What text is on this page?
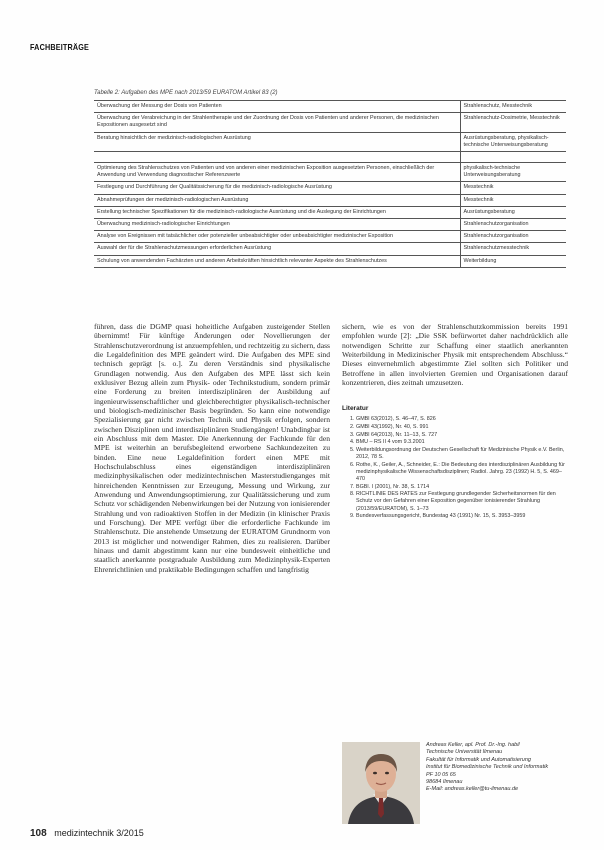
FACHBEITRÄGE
Tabelle 2: Aufgaben des MPE nach 2013/59 EURATOM Artikel 83 (2)
Überwachung der Messung der Dosis von Patienten	Strahlenschutz, Messtechnik
Überwachung der Verabreichung in der Strahlentherapie und der Zuordnung der Dosis von Patienten und anderer Personen, die medizinischen Expositionen ausgesetzt sind	Strahlenschutz-Dosimetrie, Messtechnik
Beratung hinsichtlich der medizinisch-radiologischen Ausrüstung	Ausrüstungsberatung, physikalisch-technische Unterweisungsberatung

Optimierung des Strahlenschutzes von Patienten und von anderen einer medizinischen Exposition ausgesetzten Personen, einschließlich der Anwendung und Verwendung diagnostischer Referenzwerte	physikalisch-technische Unterweisungsberatung
Festlegung und Durchführung der Qualitätssicherung für die medizinisch-radiologische Ausrüstung	Messtechnik
Abnahmeprüfungen der medizinisch-radiologischen Ausrüstung	Messtechnik
Erstellung technischer Spezifikationen für die medizinisch-radiologische Ausrüstung und die Auslegung der Einrichtungen	Ausrüstungsberatung
Überwachung medizinisch-radiologischer Einrichtungen	Strahlenschutzorganisation
Analyse von Ereignissen mit tatsächlicher oder potenzieller unbeabsichtigter oder unbeabsichtigter medizinischer Exposition	Strahlenschutzorganisation
Auswahl der für die Strahlenschutzmessungen erforderlichen Ausrüstung	Strahlenschutzmesstechnik
Schulung von anwendenden Fachärzten und anderen Arbeitskräften hinsichtlich relevanter Aspekte des Strahlenschutzes	Weiterbildung

führen, dass die DGMP quasi hoheitliche Aufgaben zusteigender Stellen übernimmt! Für künftige Änderungen oder Novellierungen der Strahlenschutzverordnung ist anzuempfehlen, und rechtzeitig zu sichern, dass die Legaldefinition des MPE geändert wird. Die Aufgaben des MPE sind technisch geprägt [s. o.]. Zu deren Verständnis sind physikalische Grundlagen notwendig. Aus den Aufgaben des MPE lässt sich kein exklusiver Bezug allein zum Physik- oder Technikstudium, sondern primär eine Forderung zu breiten interdisziplinären der Ausbildung auf ingenieurwissenschaftlicher und gleichberechtigter physikalisch-technischer und biologisch-medizinischer Basis begründen. So kann eine notwendige Spezialisierung gar nicht zwischen Technik und Physik erfolgen, sondern zwischen Disziplinen und interdisziplinären Studiengängen! Unabdingbar ist ein Abschluss mit dem Master. Die Anerkennung der Fachkunde für den MPE ist weiterhin an berufsbegleitend erworbene Sachkundezeiten zu binden. Eine neue Legaldefinition fordert einen MPE mit Hochschulabschluss eines eigenständigen interdisziplinären medizinphysikalischen oder medizintechnischen Masterstudienganges mit hinreichenden Kenntnissen zur Erzeugung, Messung und Wirkung, zur Anwendung und Anwendungsoptimierung, zur Qualitätssicherung und zum Schutz vor schädigenden Nebenwirkungen bei der Nutzung von ionisierender Strahlung und von radioaktiven Stoffen in der Medizin (in klinischer Praxis und Forschung). Der MPE verfügt über die erforderliche Fachkunde im Strahlenschutz. Die anstehende Umsetzung der EURATOM Grundnorm von 2013 ist möglicher und notwendiger Rahmen, dies zu realisieren. Darüber hinaus und damit abgestimmt kann nur eine bundesweit einheitliche und staatlich anerkannte postgraduale Ausbildung zum Medizinphysik-Experten Ehrenrichtlinien und praktikable Bedingungen schaffen und langfristig

sichern, wie es von der Strahlenschutzkommission bereits 1991 empfohlen wurde [2]: „Die SSK befürwortet daher nachdrücklich alle notwendigen Schritte zur Schaffung einer staatlich anerkannten Weiterbildung in Medizinischer Physik mit entsprechendem Abschluss.“ Dieses einvernehmlich abgestimmte Ziel sollten sich Politiker und Betroffene in allen involvierten Gremien und Organisationen darauf konzentrieren, dies zeitnah umzusetzen.

Literatur
1. GMBl 63(2012), S. 46–47, S. 826
2. GMBl 43(1992), Nr. 40, S. 991
3. GMBl 64(2013), Nr. 11–13, S. 727
4. BMU – RS II 4 vom 9.3.2001
5. Weiterbildungsordnung der Deutschen Gesellschaft für Medizinische Physik e.V. Berlin, 2012, 78 S.
6. Rothe, K., Geiler, A., Schneider, E.: Die Bedeutung des interdisziplinären Ausbildung für medizinphysikalische Wissenschaftsdisziplinen; Radiol. Jahrg. 23 (1992) H. 5, S. 469–470
7. BGBl. I (2001), Nr. 38, S. 1714
8. RICHTLINIE DES RATES zur Festlegung grundlegender Sicherheitsnormen für den Schutz vor den Gefahren einer Exposition gegenüber ionisierender Strahlung (2013/59/EURATOM), S. 1–73
9. Bundesverfassungsgericht, Bundestag 43 (1991) Nr. 15, S. 3953–3959
Andreas Keller, apl. Prof. Dr.-Ing. habil
Technische Universität Ilmenau
Fakultät für Informatik und Automatisierung
Institut für Biomedizinische Technik und Informatik
PF 10 05 65
98684 Ilmenau
E-Mail: andreas.keller@tu-ilmenau.de
108 medizintechnik 3/2015
